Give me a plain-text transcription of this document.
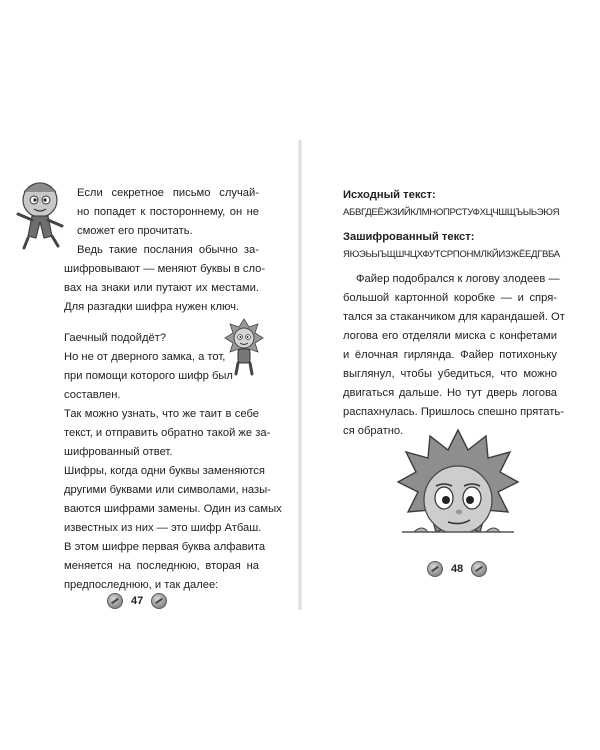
Если секретное письмо случай-
но попадет к постороннему, он не
сможет его прочитать.
Ведь такие послания обычно за-
шифровывают — меняют буквы в сло-
вах на знаки или путают их местами.
Для разгадки шифра нужен ключ.
Гаечный подойдёт?
Но не от дверного замка, а тот,
при помощи которого шифр был
составлен.
Так можно узнать, что же таит в себе
текст, и отправить обратно такой же за-
шифрованный ответ.
Шифры, когда одни буквы заменяются
другими буквами или символами, назы-
ваются шифрами замены. Один из самых
известных из них — это шифр Атбаш.
В этом шифре первая буква алфавита
меняется на последнюю, вторая на
предпоследнюю, и так далее:
47
Исходный текст:
АБВГДЕЁЖЗИЙКЛМНОПРСТУФХЦЧШЩЪЫЬЭЮЯ
Зашифрованный текст:
ЯЮЭЬЫЪЩШЧЦХФУТСРПОНМЛКЙИЗЖЁЕДГВБА
Файер подобрался к логову злодеев —
большой картонной коробке — и спря-
тался за стаканчиком для карандашей. От
логова его отделяли миска с конфетами
и ёлочная гирлянда. Файер потихоньку
выглянул, чтобы убедиться, что можно
двигаться дальше. Но тут дверь логова
распахнулась. Пришлось спешно прятать-
ся обратно.
48
